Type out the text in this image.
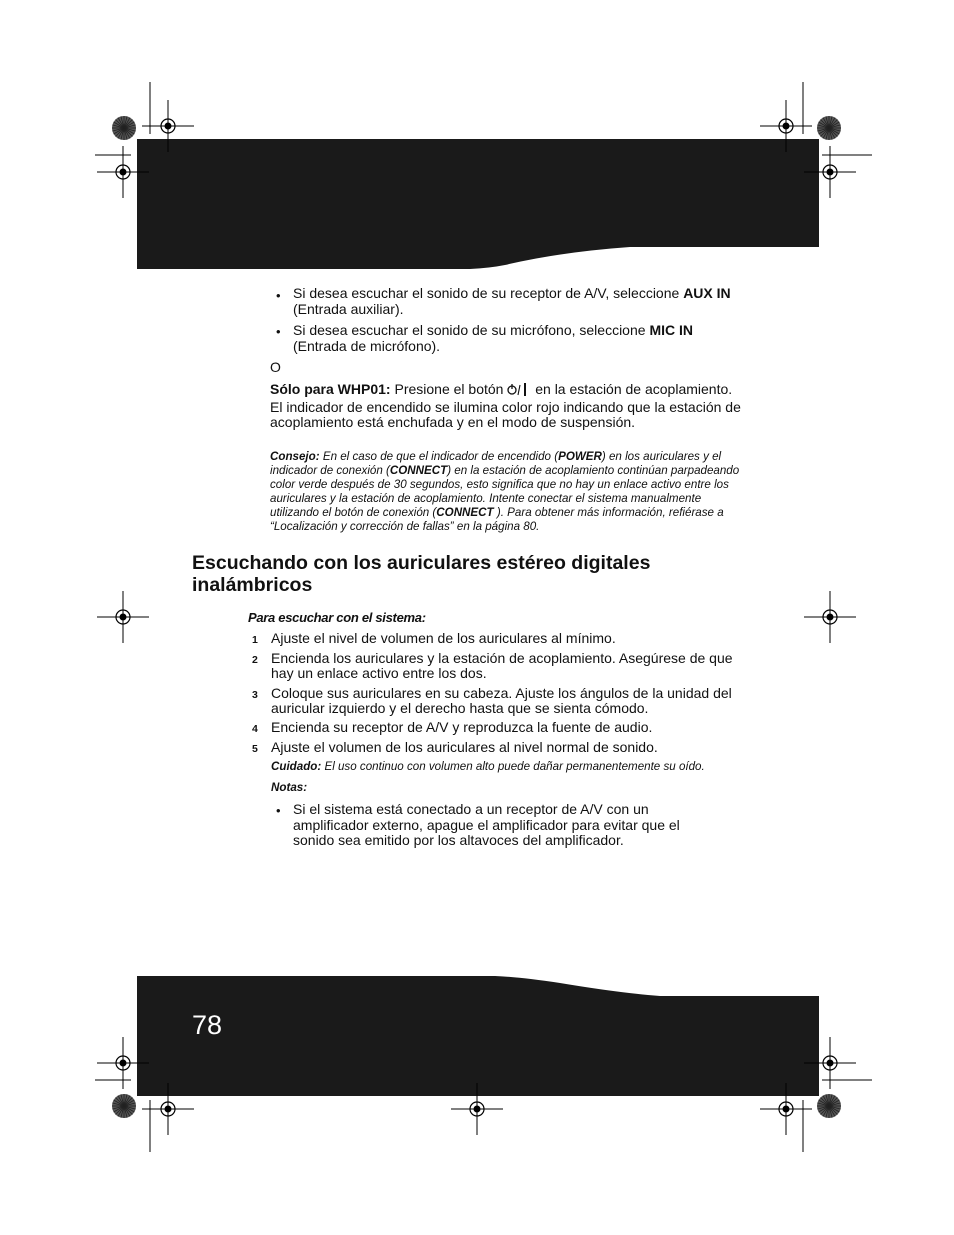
• Si desea escuchar el sonido de su receptor de A/V, seleccione AUX IN (Entrada auxiliar).
• Si desea escuchar el sonido de su micrófono, seleccione MIC IN (Entrada de micrófono).
O
Sólo para WHP01: Presione el botón  en la estación de acoplamiento. El indicador de encendido se ilumina color rojo indicando que la estación de acoplamiento está enchufada y en el modo de suspensión.
Consejo: En el caso de que el indicador de encendido (POWER) en los auriculares y el indicador de conexión (CONNECT) en la estación de acoplamiento continúan parpadeando color verde después de 30 segundos, esto significa que no hay un enlace activo entre los auriculares y la estación de acoplamiento. Intente conectar el sistema manualmente utilizando el botón de conexión (CONNECT ). Para obtener más información, refiérase a “Localización y corrección de fallas” en la página 80.
Escuchando con los auriculares estéreo digitales inalámbricos
Para escuchar con el sistema:
1 Ajuste el nivel de volumen de los auriculares al mínimo.
2 Encienda los auriculares y la estación de acoplamiento. Asegúrese de que hay un enlace activo entre los dos.
3 Coloque sus auriculares en su cabeza. Ajuste los ángulos de la unidad del auricular izquierdo y el derecho hasta que se sienta cómodo.
4 Encienda su receptor de A/V y reproduzca la fuente de audio.
5 Ajuste el volumen de los auriculares al nivel normal de sonido.
Cuidado: El uso continuo con volumen alto puede dañar permanentemente su oído.
Notas:
• Si el sistema está conectado a un receptor de A/V con un amplificador externo, apague el amplificador para evitar que el sonido sea emitido por los altavoces del amplificador.
78
